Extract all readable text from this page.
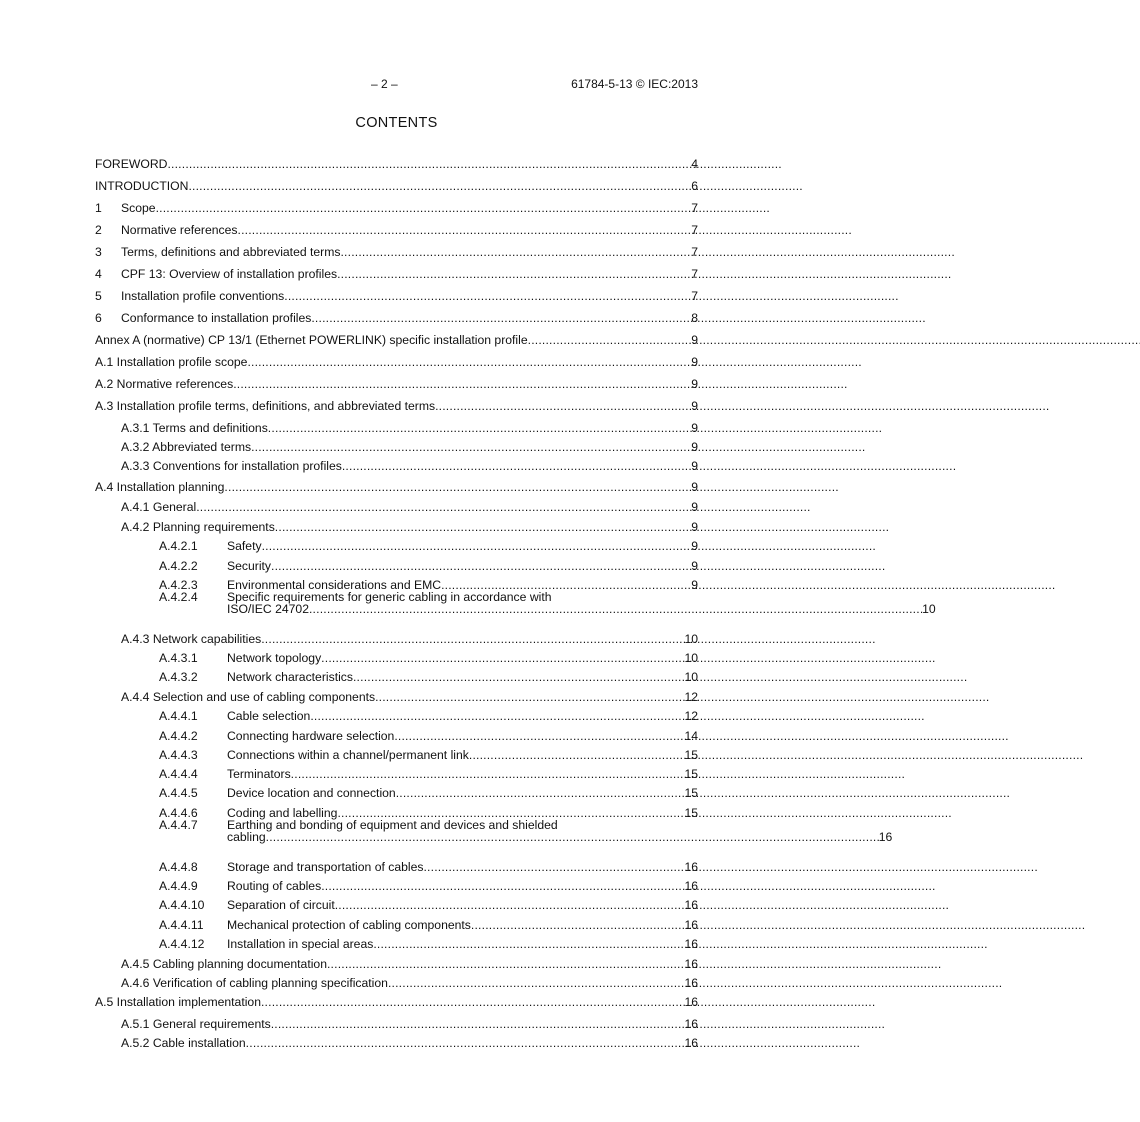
– 2 –	61784-5-13 © IEC:2013
CONTENTS
FOREWORD . . .	4
INTRODUCTION . . .	6
1	Scope . . .	7
2	Normative references . . .	7
3	Terms, definitions and abbreviated terms . . .	7
4	CPF 13: Overview of installation profiles . . .	7
5	Installation profile conventions . . .	7
6	Conformance to installation profiles . . .	8
Annex A (normative) CP 13/1 (Ethernet POWERLINK) specific installation profile . . .	9
A.1 Installation profile scope . . .	9
A.2 Normative references . . .	9
A.3 Installation profile terms, definitions, and abbreviated terms . . .	9
A.3.1 Terms and definitions . . .	9
A.3.2 Abbreviated terms . . .	9
A.3.3 Conventions for installation profiles . . .	9
A.4 Installation planning . . .	9
A.4.1 General . . .	9
A.4.2 Planning requirements . . .	9
A.4.2.1	Safety . . .	9
A.4.2.2	Security . . .	9
A.4.2.3	Environmental considerations and EMC . . .	9
A.4.2.4	Specific requirements for generic cabling in accordance with
ISO/IEC 24702 . . .	10
A.4.3 Network capabilities . . .	10
A.4.3.1	Network topology . . .	10
A.4.3.2	Network characteristics . . .	10
A.4.4 Selection and use of cabling components . . .	12
A.4.4.1	Cable selection . . .	12
A.4.4.2	Connecting hardware selection . . .	14
A.4.4.3	Connections within a channel/permanent link . . .	15
A.4.4.4	Terminators . . .	15
A.4.4.5	Device location and connection . . .	15
A.4.4.6	Coding and labelling . . .	15
A.4.4.7	Earthing and bonding of equipment and devices and shielded
cabling . . .	16
A.4.4.8	Storage and transportation of cables . . .	16
A.4.4.9	Routing of cables . . .	16
A.4.4.10	Separation of circuit . . .	16
A.4.4.11	Mechanical protection of cabling components . . .	16
A.4.4.12	Installation in special areas . . .	16
A.4.5 Cabling planning documentation . . .	16
A.4.6 Verification of cabling planning specification . . .	16
A.5 Installation implementation . . .	16
A.5.1 General requirements . . .	16
A.5.2 Cable installation . . .	16
